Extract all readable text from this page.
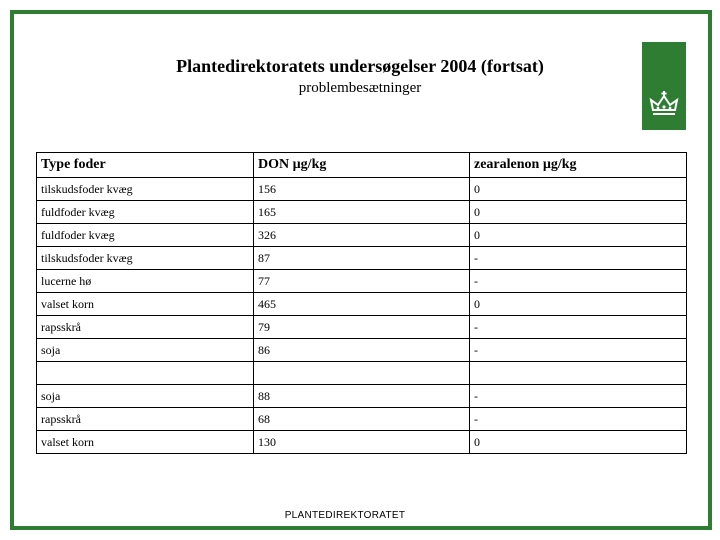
Plantedirektoratets undersøgelser 2004 (fortsat)
problembesætninger
Type foder	DON µg/kg	zearalenon µg/kg
tilskudsfoder kvæg	156	0
fuldfoder kvæg	165	0
fuldfoder kvæg	326	0
tilskudsfoder kvæg	87	-
lucerne hø	77	-
valset korn	465	0
rapsskrå	79	-
soja	86	-

soja	88	-
rapsskrå	68	-
valset korn	130	0
PLANTEDIREKTORATET
